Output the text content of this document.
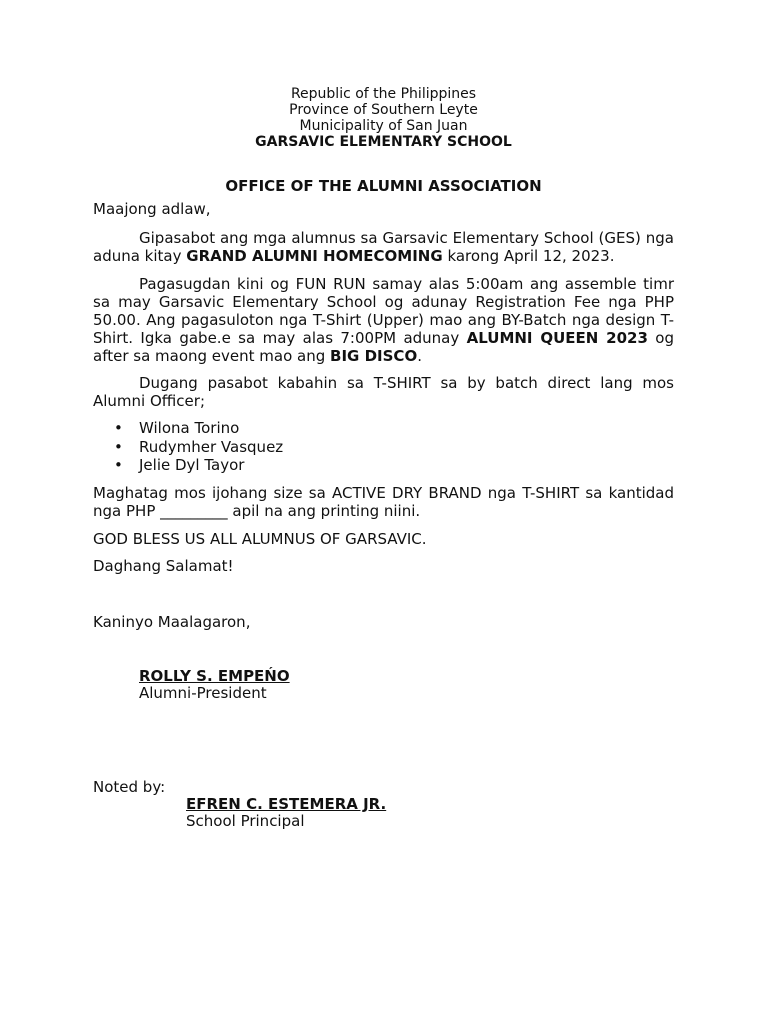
Republic of the Philippines
Province of Southern Leyte
Municipality of San Juan
GARSAVIC ELEMENTARY SCHOOL
OFFICE OF THE ALUMNI ASSOCIATION
Maajong adlaw,

Gipasabot ang mga alumnus sa Garsavic Elementary School (GES) nga aduna kitay GRAND ALUMNI HOMECOMING karong April 12, 2023.

Pagasugdan kini og FUN RUN samay alas 5:00am ang assemble timr sa may Garsavic Elementary School og adunay Registration Fee nga PHP 50.00. Ang pagasuloton nga T-Shirt (Upper) mao ang BY-Batch nga design T-Shirt. Igka gabe.e sa may alas 7:00PM adunay ALUMNI QUEEN 2023 og after sa maong event mao ang BIG DISCO.

Dugang pasabot kabahin sa T-SHIRT sa by batch direct lang mos Alumni Officer;

• Wilona Torino
• Rudymher Vasquez
• Jelie Dyl Tayor

Maghatag mos ijohang size sa ACTIVE DRY BRAND nga T-SHIRT sa kantidad nga PHP _________ apil na ang printing niini.

GOD BLESS US ALL ALUMNUS OF GARSAVIC.
Daghang Salamat!
Kaninyo Maalagaron,
ROLLY S. EMPEŃO
Alumni-President
Noted by:
EFREN C. ESTEMERA JR.
School Principal
